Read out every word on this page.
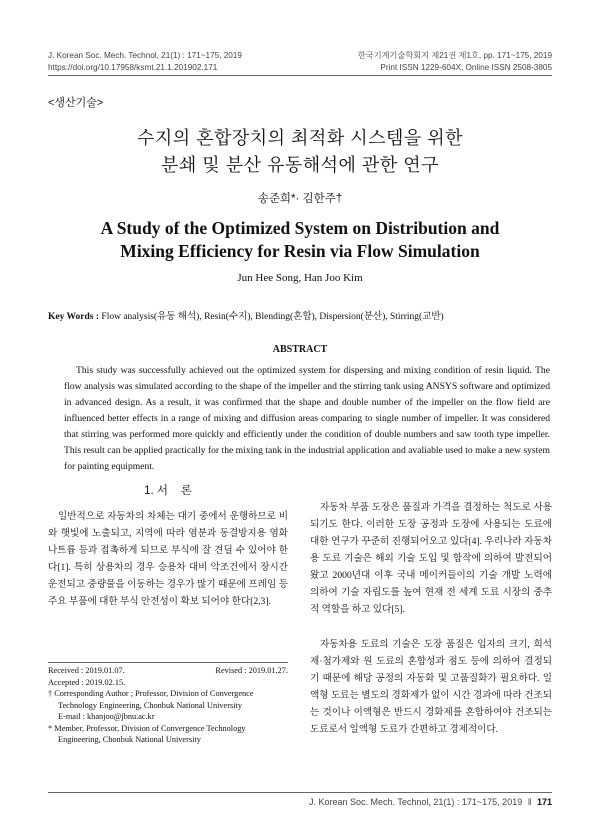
J. Korean Soc. Mech. Technol, 21(1) : 171~175, 2019
https://doi.org/10.17958/ksmt.21.1.201902.171
한국기계기술학회지 제21권 제1호, pp. 171~175, 2019
Print ISSN 1229-604X, Online ISSN 2508-3805
<생산기술>
수지의 혼합장치의 최적화 시스템을 위한
분쇄 및 분산 유동해석에 관한 연구
송준희*· 김한주†
A Study of the Optimized System on Distribution and
Mixing Efficiency for Resin via Flow Simulation
Jun Hee Song, Han Joo Kim
Key Words : Flow analysis(유동 해석), Resin(수지), Blending(혼합), Dispersion(분산), Stirring(교반)
ABSTRACT
This study was successfully achieved out the optimized system for dispersing and mixing condition of resin liquid. The flow analysis was simulated according to the shape of the impeller and the stirring tank using ANSYS software and optimized in advanced design. As a result, it was confirmed that the shape and double number of the impeller on the flow field are influenced better effects in a range of mixing and diffusion areas comparing to single number of impeller. It was considered that stirring was performed more quickly and efficiently under the condition of double numbers and saw tooth type impeller. This result can be applied practically for the mixing tank in the industrial application and avaliable used to make a new system for painting equipment.
1. 서    론
일반적으로 자동차의 차체는 대기 중에서 운행하므로 비와 햇빛에 노출되고, 지역에 따라 염분과 동결방지용 염화나트륨 등과 접촉하게 되므로 부식에 잘 견딜 수 있어야 한다[1]. 특히 상용차의 경우 승용차 대비 악조건에서 장시간 운전되고 중량물을 이동하는 경우가 많기 때문에 프레임 등 주요 부품에 대한 부식 안전성이 확보 되어야 한다[2,3].
Received : 2019.01.07.	Revised : 2019.01.27.
Accepted : 2019.02.15.
† Corresponding Author ; Professor, Division of Convergence Technology Engineering, Chonbuk National University
E-mail : khanjoo@jbnu.ac.kr
* Member, Professor, Division of Convergence Technology Engineering, Chonbuk National University
자동차 부품 도장은 품질과 가격을 결정하는 척도로 사용되기도 한다. 이러한 도장 공정과 도장에 사용되는 도료에 대한 연구가 꾸준히 진행되어오고 있다[4]. 우리나라 자동차용 도료 기술은 해외 기술 도입 및 합작에 의하여 발전되어 왔고 2000년대 이후 국내 메이커들이의 기술 개발 노력에 의하여 기술 자립도를 높여 현재 전 세계 도료 시장의 중추적 역할을 하고 있다[5].
자동차용 도료의 기술은 도장 품질은 입자의 크기, 희석제·첨가제와 원 도료의 혼합성과 점도 등에 의하여 결정되기 때문에 해당 공정의 자동화 및 고품질화가 필요하다. 일액형 도료는 별도의 경화제가 없이 시간 경과에 따라 건조되는 것이나 이액형은 반드시 경화제를 혼합하여야 건조되는 도료로서 일액형 도료가 간편하고 경제적이다.
J. Korean Soc. Mech. Technol, 21(1) : 171~175, 2019 ‖ 171
